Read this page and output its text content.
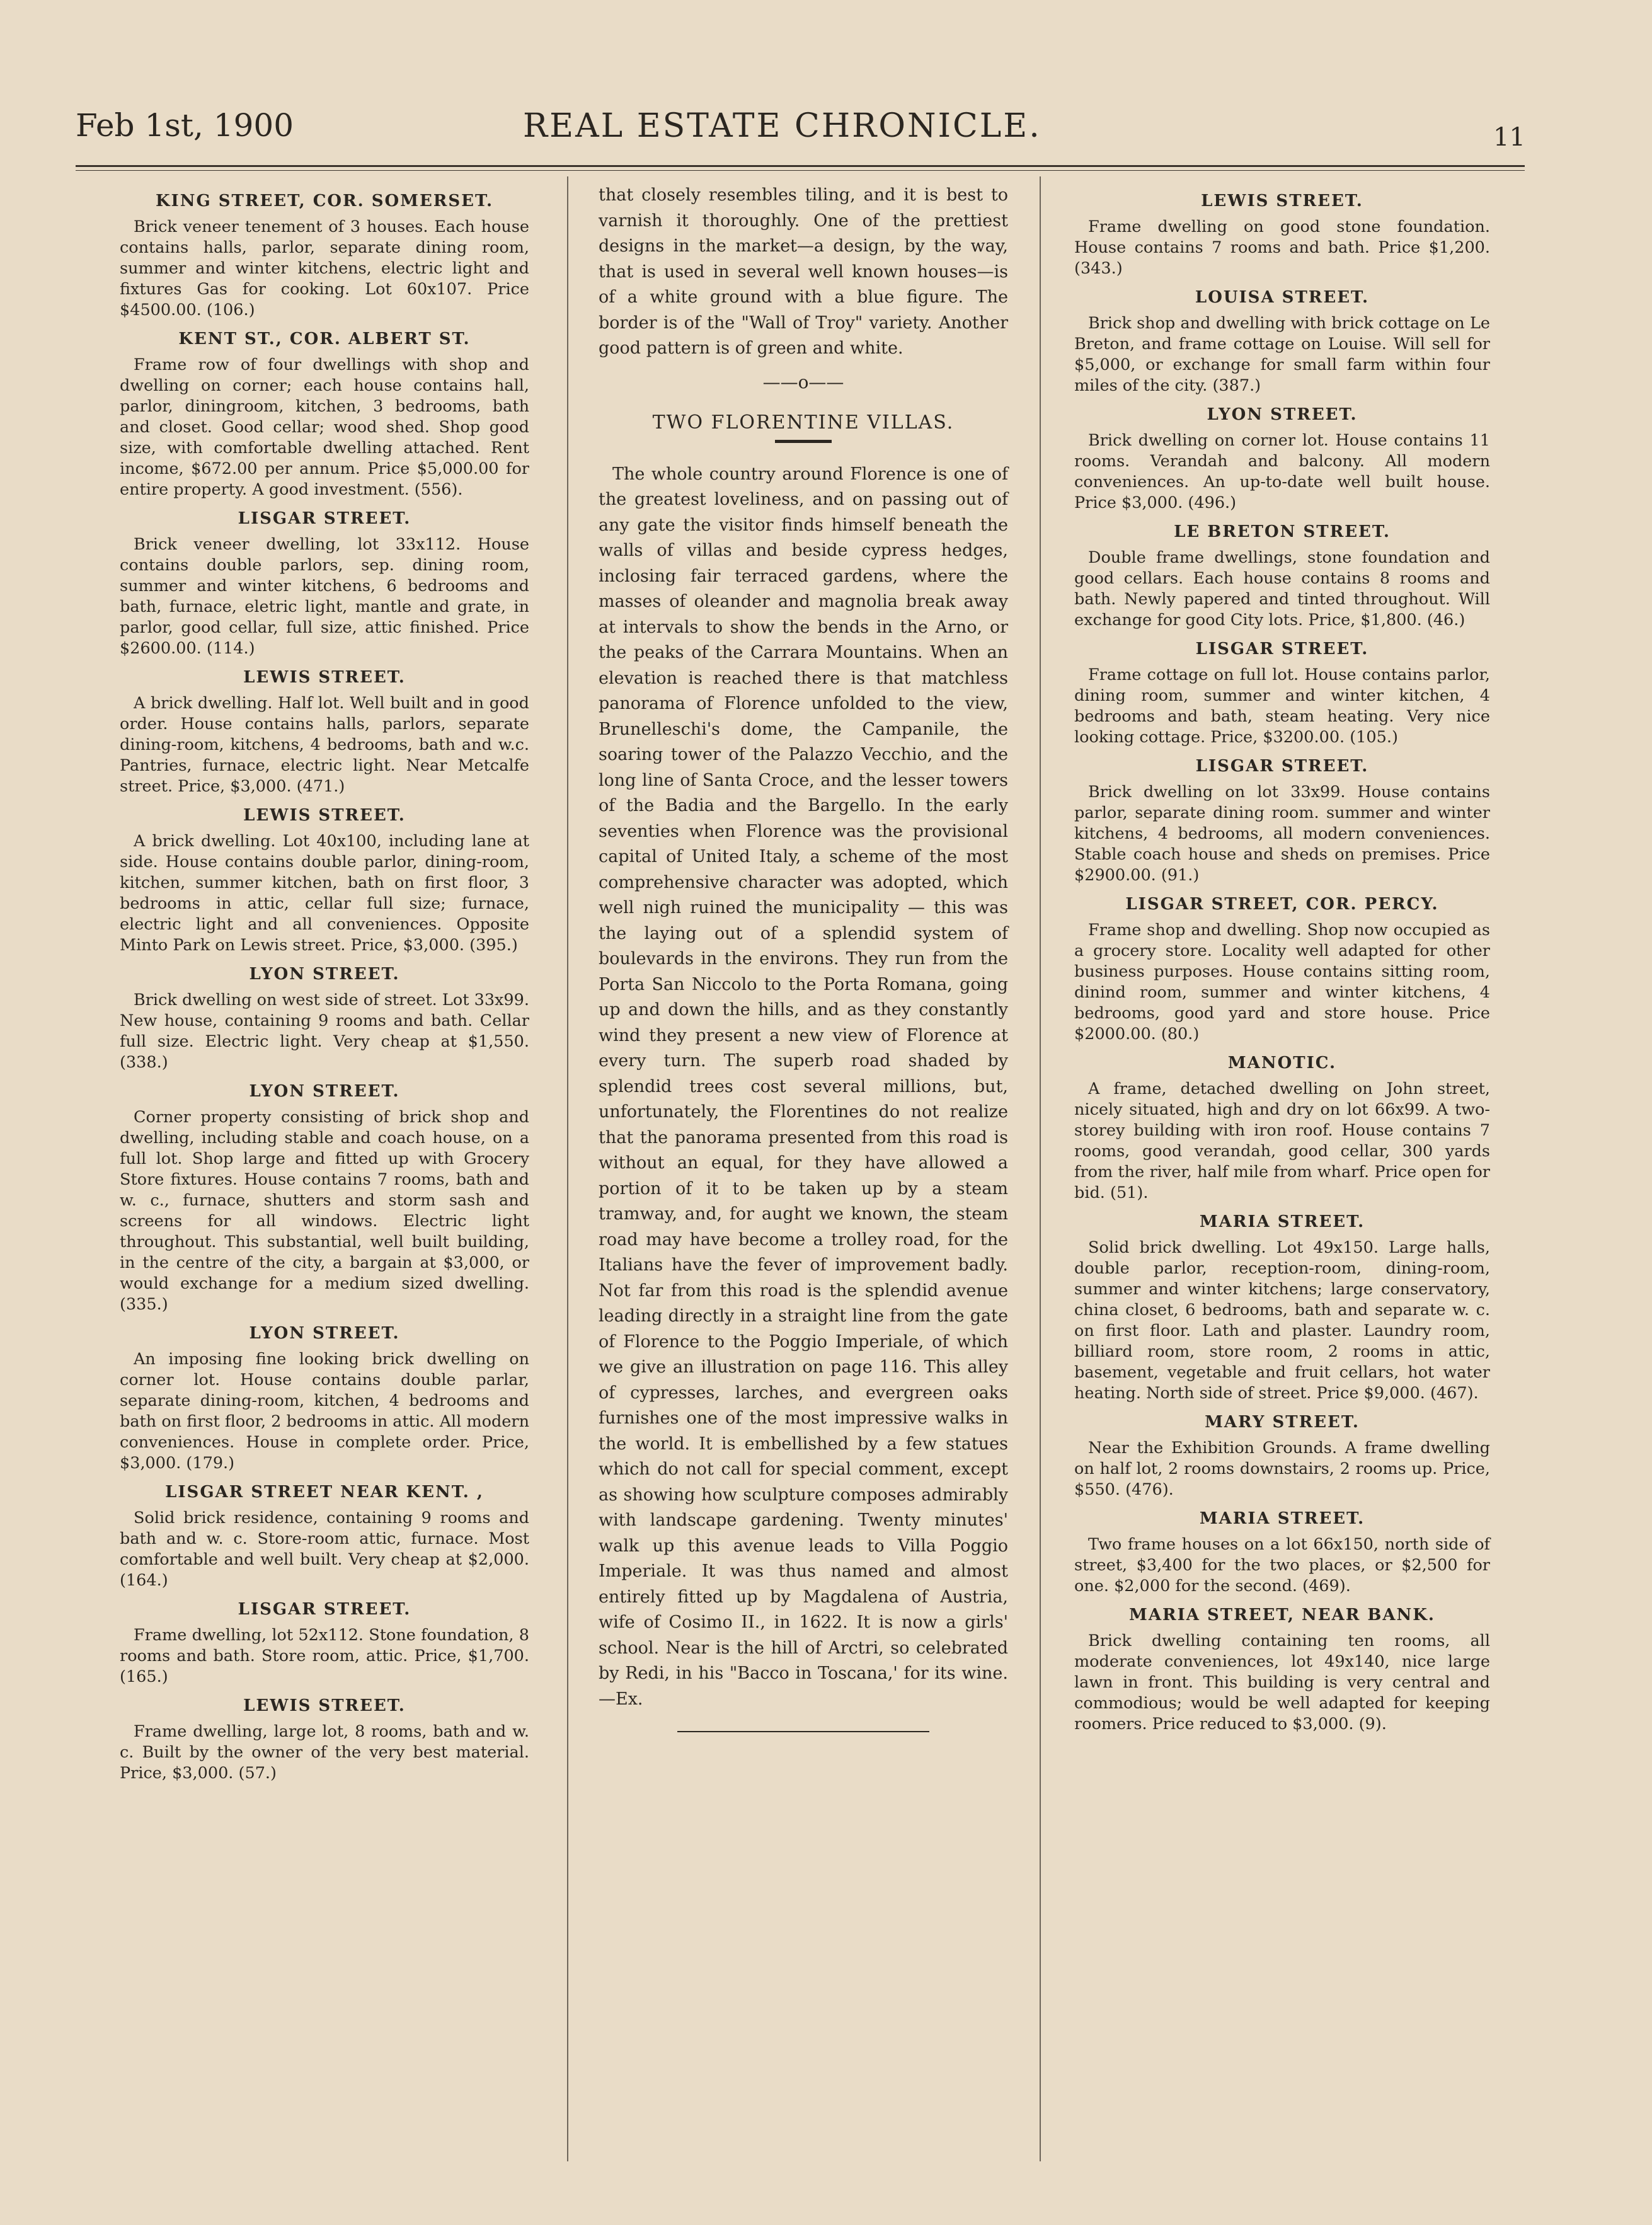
Feb 1st, 1900	REAL ESTATE CHRONICLE.	11
KING STREET, COR. SOMERSET.

Brick veneer tenement of 3 houses. Each house contains halls, parlor, separate dining room, summer and winter kitchens, electric light and fixtures Gas for cooking. Lot 60x107. Price $4500.00. (106.)

KENT ST., COR. ALBERT ST.

Frame row of four dwellings with shop and dwelling on corner; each house contains hall, parlor, diningroom, kitchen, 3 bedrooms, bath and closet. Good cellar; wood shed. Shop good size, with comfortable dwelling attached. Rent income, $672.00 per annum. Price $5,000.00 for entire property. A good investment. (556).

LISGAR STREET.

Brick veneer dwelling, lot 33x112. House contains double parlors, sep. dining room, summer and winter kitchens, 6 bedrooms and bath, furnace, eletric light, mantle and grate, in parlor, good cellar, full size, attic finished. Price $2600.00. (114.)

LEWIS STREET.

A brick dwelling. Half lot. Well built and in good order. House contains halls, parlors, separate dining-room, kitchens, 4 bedrooms, bath and w.c. Pantries, furnace, electric light. Near Metcalfe street. Price, $3,000. (471.)

LEWIS STREET.

A brick dwelling. Lot 40x100, including lane at side. House contains double parlor, dining-room, kitchen, summer kitchen, bath on first floor, 3 bedrooms in attic, cellar full size; furnace, electric light and all conveniences. Opposite Minto Park on Lewis street. Price, $3,000. (395.)

LYON STREET.

Brick dwelling on west side of street. Lot 33x99. New house, containing 9 rooms and bath. Cellar full size. Electric light. Very cheap at $1,550. (338.)

LYON STREET.

Corner property consisting of brick shop and dwelling, including stable and coach house, on a full lot. Shop large and fitted up with Grocery Store fixtures. House contains 7 rooms, bath and w. c., furnace, shutters and storm sash and screens for all windows. Electric light throughout. This substantial, well built building, in the centre of the city, a bargain at $3,000, or would exchange for a medium sized dwelling. (335.)

LYON STREET.

An imposing fine looking brick dwelling on corner lot. House contains double parlar, separate dining-room, kitchen, 4 bedrooms and bath on first floor, 2 bedrooms in attic. All modern conveniences. House in complete order. Price, $3,000. (179.)

LISGAR STREET NEAR KENT. ,

Solid brick residence, containing 9 rooms and bath and w. c. Store-room attic, furnace. Most comfortable and well built. Very cheap at $2,000. (164.)

LISGAR STREET.

Frame dwelling, lot 52x112. Stone foundation, 8 rooms and bath. Store room, attic. Price, $1,700. (165.)

LEWIS STREET.

Frame dwelling, large lot, 8 rooms, bath and w. c. Built by the owner of the very best material. Price, $3,000. (57.)

that closely resembles tiling, and it is best to varnish it thoroughly. One of the prettiest designs in the market—a design, by the way, that is used in several well known houses—is of a white ground with a blue figure. The border is of the "Wall of Troy" variety. Another good pattern is of green and white.

——o——
TWO FLORENTINE VILLAS.

The whole country around Florence is one of the greatest loveliness, and on passing out of any gate the visitor finds himself beneath the walls of villas and beside cypress hedges, inclosing fair terraced gardens, where the masses of oleander and magnolia break away at intervals to show the bends in the Arno, or the peaks of the Carrara Mountains. When an elevation is reached there is that matchless panorama of Florence unfolded to the view, Brunelleschi's dome, the Campanile, the soaring tower of the Palazzo Vecchio, and the long line of Santa Croce, and the lesser towers of the Badia and the Bargello. In the early seventies when Florence was the provisional capital of United Italy, a scheme of the most comprehensive character was adopted, which well nigh ruined the municipality — this was the laying out of a splendid system of boulevards in the environs. They run from the Porta San Niccolo to the Porta Romana, going up and down the hills, and as they constantly wind they present a new view of Florence at every turn. The superb road shaded by splendid trees cost several millions, but, unfortunately, the Florentines do not realize that the panorama presented from this road is without an equal, for they have allowed a portion of it to be taken up by a steam tramway, and, for aught we known, the steam road may have become a trolley road, for the Italians have the fever of improvement badly. Not far from this road is the splendid avenue leading directly in a straight line from the gate of Florence to the Poggio Imperiale, of which we give an illustration on page 116. This alley of cypresses, larches, and evergreen oaks furnishes one of the most impressive walks in the world. It is embellished by a few statues which do not call for special comment, except as showing how sculpture composes admirably with landscape gardening. Twenty minutes' walk up this avenue leads to Villa Poggio Imperiale. It was thus named and almost entirely fitted up by Magdalena of Austria, wife of Cosimo II., in 1622. It is now a girls' school. Near is the hill of Arctri, so celebrated by Redi, in his "Bacco in Toscana,' for its wine.—Ex.

LEWIS STREET.

Frame dwelling on good stone foundation. House contains 7 rooms and bath. Price $1,200. (343.)

LOUISA STREET.

Brick shop and dwelling with brick cottage on Le Breton, and frame cottage on Louise. Will sell for $5,000, or exchange for small farm within four miles of the city. (387.)

LYON STREET.

Brick dwelling on corner lot. House contains 11 rooms. Verandah and balcony. All modern conveniences. An up-to-date well built house. Price $3,000. (496.)

LE BRETON STREET.

Double frame dwellings, stone foundation and good cellars. Each house contains 8 rooms and bath. Newly papered and tinted throughout. Will exchange for good City lots. Price, $1,800. (46.)

LISGAR STREET.

Frame cottage on full lot. House contains parlor, dining room, summer and winter kitchen, 4 bedrooms and bath, steam heating. Very nice looking cottage. Price, $3200.00. (105.)

LISGAR STREET.

Brick dwelling on lot 33x99. House contains parlor, separate dining room. summer and winter kitchens, 4 bedrooms, all modern conveniences. Stable coach house and sheds on premises. Price $2900.00. (91.)

LISGAR STREET, COR. PERCY.

Frame shop and dwelling. Shop now occupied as a grocery store. Locality well adapted for other business purposes. House contains sitting room, dinind room, summer and winter kitchens, 4 bedrooms, good yard and store house. Price $2000.00. (80.)

MANOTIC.

A frame, detached dwelling on John street, nicely situated, high and dry on lot 66x99. A two-storey building with iron roof. House contains 7 rooms, good verandah, good cellar, 300 yards from the river, half mile from wharf. Price open for bid. (51).

MARIA STREET.

Solid brick dwelling. Lot 49x150. Large halls, double parlor, reception-room, dining-room, summer and winter kitchens; large conservatory, china closet, 6 bedrooms, bath and separate w. c. on first floor. Lath and plaster. Laundry room, billiard room, store room, 2 rooms in attic, basement, vegetable and fruit cellars, hot water heating. North side of street. Price $9,000. (467).

MARY STREET.

Near the Exhibition Grounds. A frame dwelling on half lot, 2 rooms downstairs, 2 rooms up. Price, $550. (476).

MARIA STREET.

Two frame houses on a lot 66x150, north side of street, $3,400 for the two places, or $2,500 for one. $2,000 for the second. (469).

MARIA STREET, NEAR BANK.

Brick dwelling containing ten rooms, all moderate conveniences, lot 49x140, nice large lawn in front. This building is very central and commodious; would be well adapted for keeping roomers. Price reduced to $3,000. (9).
